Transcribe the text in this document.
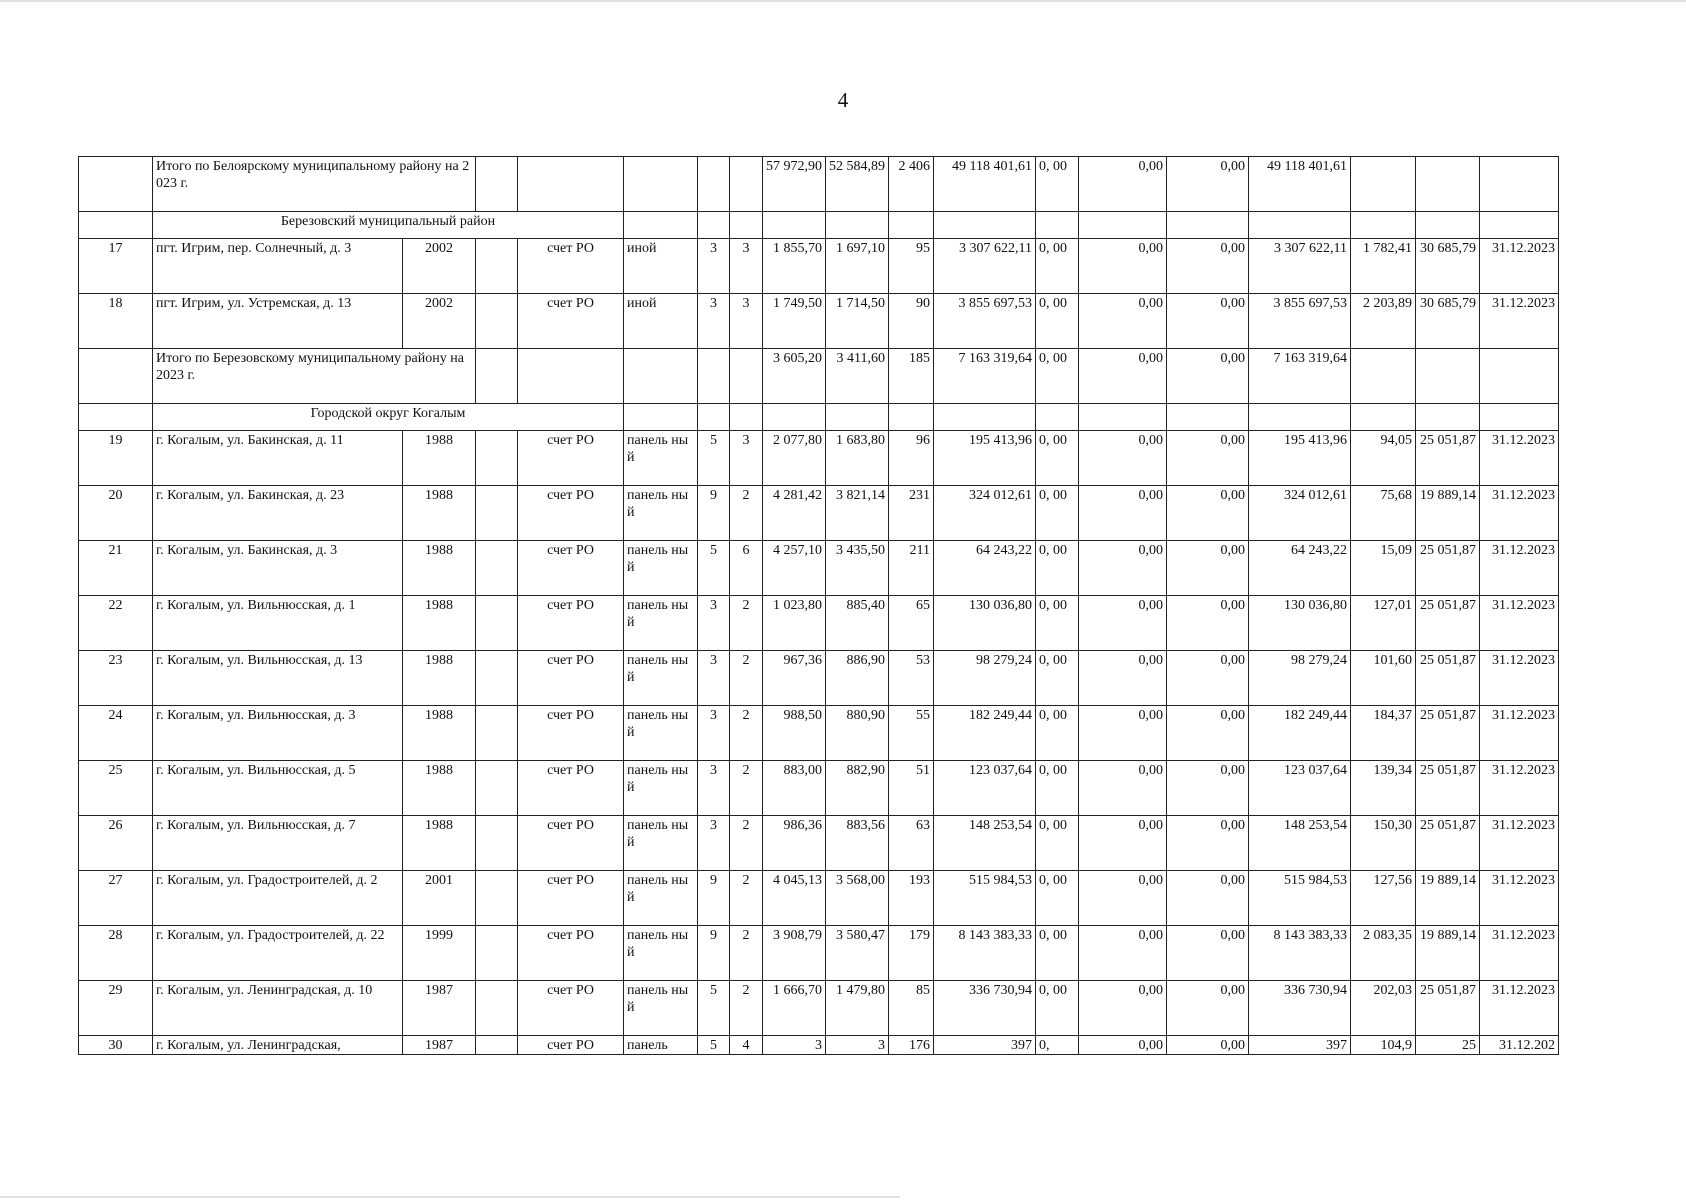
4
	Итого по Белоярскому муниципальному району на 2023 г.							57 972,90	52 584,89	2 406	49 118 401,61	0, 00	0,00	0,00	49 118 401,61			
	Березовский муниципальный район																	
17	пгт. Игрим, пер. Солнечный, д. 3	2002		счет РО	иной	3	3	1 855,70	1 697,10	95	3 307 622,11	0, 00	0,00	0,00	3 307 622,11	1 782,41	30 685,79	31.12.2023
18	пгт. Игрим, ул. Устремская, д. 13	2002		счет РО	иной	3	3	1 749,50	1 714,50	90	3 855 697,53	0, 00	0,00	0,00	3 855 697,53	2 203,89	30 685,79	31.12.2023
	Итого по Березовскому муниципальному району на 2023 г.							3 605,20	3 411,60	185	7 163 319,64	0, 00	0,00	0,00	7 163 319,64			
	Городской округ Когалым																	
19	г. Когалым, ул. Бакинская, д. 11	1988		счет РО	панель ный	5	3	2 077,80	1 683,80	96	195 413,96	0, 00	0,00	0,00	195 413,96	94,05	25 051,87	31.12.2023
20	г. Когалым, ул. Бакинская, д. 23	1988		счет РО	панель ный	9	2	4 281,42	3 821,14	231	324 012,61	0, 00	0,00	0,00	324 012,61	75,68	19 889,14	31.12.2023
21	г. Когалым, ул. Бакинская, д. 3	1988		счет РО	панель ный	5	6	4 257,10	3 435,50	211	64 243,22	0, 00	0,00	0,00	64 243,22	15,09	25 051,87	31.12.2023
22	г. Когалым, ул. Вильнюсская, д. 1	1988		счет РО	панель ный	3	2	1 023,80	885,40	65	130 036,80	0, 00	0,00	0,00	130 036,80	127,01	25 051,87	31.12.2023
23	г. Когалым, ул. Вильнюсская, д. 13	1988		счет РО	панель ный	3	2	967,36	886,90	53	98 279,24	0, 00	0,00	0,00	98 279,24	101,60	25 051,87	31.12.2023
24	г. Когалым, ул. Вильнюсская, д. 3	1988		счет РО	панель ный	3	2	988,50	880,90	55	182 249,44	0, 00	0,00	0,00	182 249,44	184,37	25 051,87	31.12.2023
25	г. Когалым, ул. Вильнюсская, д. 5	1988		счет РО	панель ный	3	2	883,00	882,90	51	123 037,64	0, 00	0,00	0,00	123 037,64	139,34	25 051,87	31.12.2023
26	г. Когалым, ул. Вильнюсская, д. 7	1988		счет РО	панель ный	3	2	986,36	883,56	63	148 253,54	0, 00	0,00	0,00	148 253,54	150,30	25 051,87	31.12.2023
27	г. Когалым, ул. Градостроителей, д. 2	2001		счет РО	панель ный	9	2	4 045,13	3 568,00	193	515 984,53	0, 00	0,00	0,00	515 984,53	127,56	19 889,14	31.12.2023
28	г. Когалым, ул. Градостроителей, д. 22	1999		счет РО	панель ный	9	2	3 908,79	3 580,47	179	8 143 383,33	0, 00	0,00	0,00	8 143 383,33	2 083,35	19 889,14	31.12.2023
29	г. Когалым, ул. Ленинградская, д. 10	1987		счет РО	панель ный	5	2	1 666,70	1 479,80	85	336 730,94	0, 00	0,00	0,00	336 730,94	202,03	25 051,87	31.12.2023
30	г. Когалым, ул. Ленинградская,	1987		счет РО	панель	5	4	3	3	176	397	0,	0,00	0,00	397	104,9	25	31.12.202
